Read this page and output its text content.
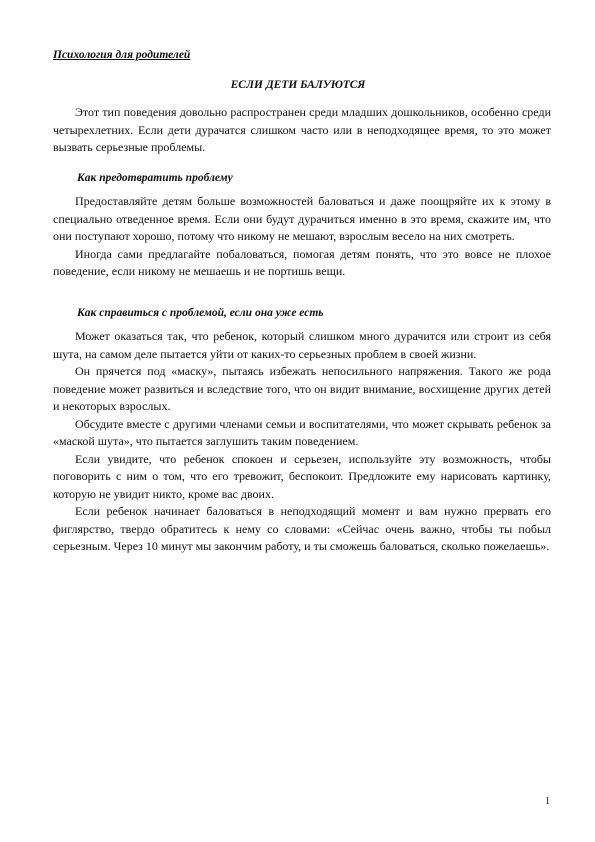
Психология для родителей

ЕСЛИ ДЕТИ БАЛУЮТСЯ

Этот тип поведения довольно распространен среди младших дошкольников, особенно среди четырехлетних. Если дети дурачатся слишком часто или в неподходящее время, то это может вызвать серьезные проблемы.

Как предотвратить проблему

Предоставляйте детям больше возможностей баловаться и даже поощряйте их к этому в специально отведенное время. Если они будут дурачиться именно в это время, скажите им, что они поступают хорошо, потому что никому не мешают, взрослым весело на них смотреть.

Иногда сами предлагайте побаловаться, помогая детям понять, что это вовсе не плохое поведение, если никому не мешаешь и не портишь вещи.

Как справиться с проблемой, если она уже есть

Может оказаться так, что ребенок, который слишком много дурачится или строит из себя шута, на самом деле пытается уйти от каких-то серьезных проблем в своей жизни.

Он прячется под «маску», пытаясь избежать непосильного напряжения. Такого же рода поведение может развиться и вследствие того, что он видит внимание, восхищение других детей и некоторых взрослых.

Обсудите вместе с другими членами семьи и воспитателями, что может скрывать ребенок за «маской шута», что пытается заглушить таким поведением.

Если увидите, что ребенок спокоен и серьезен, используйте эту возможность, чтобы поговорить с ним о том, что его тревожит, беспокоит. Предложите ему нарисовать картинку, которую не увидит никто, кроме вас двоих.

Если ребенок начинает баловаться в неподходящий момент и вам нужно прервать его фиглярство, твердо обратитесь к нему со словами: «Сейчас очень важно, чтобы ты побыл серьезным. Через 10 минут мы закончим работу, и ты сможешь баловаться, сколько пожелаешь».

1
